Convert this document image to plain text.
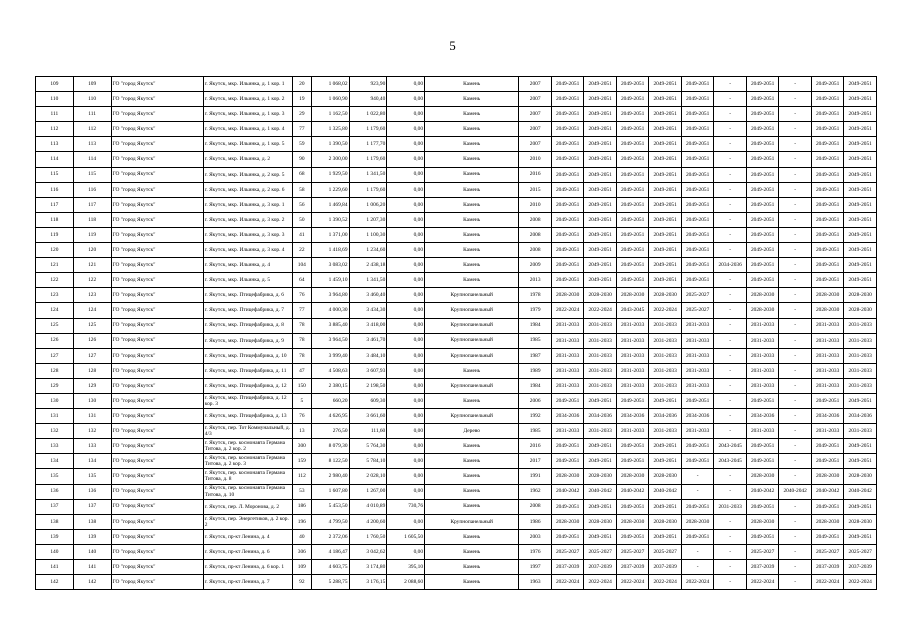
5
109	109	ГО "город Якутск"	г. Якутск, мкр. Ильинка, д. 1 кор. 1	20	1 068,02	923,90	0,00	Камень	2007	2049-2051	2049-2051	2049-2051	2049-2051	2049-2051	-	2049-2051	-	2049-2051	2049-2051
110	110	ГО "город Якутск"	г. Якутск, мкр. Ильинка, д. 1 кор. 2	19	1 060,90	940,40	0,00	Камень	2007	2049-2051	2049-2051	2049-2051	2049-2051	2049-2051	-	2049-2051	-	2049-2051	2049-2051
111	111	ГО "город Якутск"	г. Якутск, мкр. Ильинка, д. 1 кор. 3	29	1 162,50	1 022,80	0,00	Камень	2007	2049-2051	2049-2051	2049-2051	2049-2051	2049-2051	-	2049-2051	-	2049-2051	2049-2051
112	112	ГО "город Якутск"	г. Якутск, мкр. Ильинка, д. 1 кор. 4	77	1 325,80	1 179,60	0,00	Камень	2007	2049-2051	2049-2051	2049-2051	2049-2051	2049-2051	-	2049-2051	-	2049-2051	2049-2051
113	113	ГО "город Якутск"	г. Якутск, мкр. Ильинка, д. 1 кор. 5	59	1 390,50	1 177,70	0,00	Камень	2007	2049-2051	2049-2051	2049-2051	2049-2051	2049-2051	-	2049-2051	-	2049-2051	2049-2051
114	114	ГО "город Якутск"	г. Якутск, мкр. Ильинка, д. 2	90	2 300,00	1 179,60	0,00	Камень	2010	2049-2051	2049-2051	2049-2051	2049-2051	2049-2051	-	2049-2051	-	2049-2051	2049-2051
115	115	ГО "город Якутск"	г. Якутск, мкр. Ильинка, д. 2 кор. 5	68	1 929,50	1 341,50	0,00	Камень	2016	2049-2051	2049-2051	2049-2051	2049-2051	2049-2051	-	2049-2051	-	2049-2051	2049-2051
116	116	ГО "город Якутск"	г. Якутск, мкр. Ильинка, д. 2 кор. 6	58	1 229,60	1 179,60	0,00	Камень	2015	2049-2051	2049-2051	2049-2051	2049-2051	2049-2051	-	2049-2051	-	2049-2051	2049-2051
117	117	ГО "город Якутск"	г. Якутск, мкр. Ильинка, д. 3 кор. 1	56	1 469,84	1 006,20	0,00	Камень	2010	2049-2051	2049-2051	2049-2051	2049-2051	2049-2051	-	2049-2051	-	2049-2051	2049-2051
118	118	ГО "город Якутск"	г. Якутск, мкр. Ильинка, д. 3 кор. 2	50	1 390,52	1 207,30	0,00	Камень	2008	2049-2051	2049-2051	2049-2051	2049-2051	2049-2051	-	2049-2051	-	2049-2051	2049-2051
119	119	ГО "город Якутск"	г. Якутск, мкр. Ильинка, д. 3 кор. 3	41	1 371,00	1 100,30	0,00	Камень	2008	2049-2051	2049-2051	2049-2051	2049-2051	2049-2051	-	2049-2051	-	2049-2051	2049-2051
120	120	ГО "город Якутск"	г. Якутск, мкр. Ильинка, д. 3 кор. 4	22	1 418,69	1 234,60	0,00	Камень	2008	2049-2051	2049-2051	2049-2051	2049-2051	2049-2051	-	2049-2051	-	2049-2051	2049-2051
121	121	ГО "город Якутск"	г. Якутск, мкр. Ильинка, д. 4	104	3 083,02	2 438,18	0,00	Камень	2009	2049-2051	2049-2051	2049-2051	2049-2051	2049-2051	2034-2036	2049-2051	-	2049-2051	2049-2051
122	122	ГО "город Якутск"	г. Якутск, мкр. Ильинка, д. 5	64	1 459,10	1 341,50	0,00	Камень	2013	2049-2051	2049-2051	2049-2051	2049-2051	2049-2051	-	2049-2051	-	2049-2051	2049-2051
123	123	ГО "город Якутск"	г. Якутск, мкр. Птицефабрика, д. 6	76	3 964,80	3 460,40	0,00	Крупнопанельный	1978	2028-2030	2028-2030	2028-2030	2028-2030	2025-2027	-	2028-2030	-	2028-2030	2028-2030
124	124	ГО "город Якутск"	г. Якутск, мкр. Птицефабрика, д. 7	77	4 000,30	3 434,30	0,00	Крупнопанельный	1979	2022-2024	2022-2024	2043-2045	2022-2024	2025-2027	-	2028-2030	-	2028-2030	2028-2030
125	125	ГО "город Якутск"	г. Якутск, мкр. Птицефабрика, д. 8	78	3 885,40	3 418,00	0,00	Крупнопанельный	1984	2031-2033	2031-2033	2031-2033	2031-2033	2031-2033	-	2031-2033	-	2031-2033	2031-2033
126	126	ГО "город Якутск"	г. Якутск, мкр. Птицефабрика, д. 9	78	3 964,50	3 461,70	0,00	Крупнопанельный	1985	2031-2033	2031-2033	2031-2033	2031-2033	2031-2033	-	2031-2033	-	2031-2033	2031-2033
127	127	ГО "город Якутск"	г. Якутск, мкр. Птицефабрика, д. 10	78	3 999,40	3 484,10	0,00	Крупнопанельный	1987	2031-2033	2031-2033	2031-2033	2031-2033	2031-2033	-	2031-2033	-	2031-2033	2031-2033
128	128	ГО "город Якутск"	г. Якутск, мкр. Птицефабрика, д. 11	47	4 508,63	3 607,93	0,00	Камень	1989	2031-2033	2031-2033	2031-2033	2031-2033	2031-2033	-	2031-2033	-	2031-2033	2031-2033
129	129	ГО "город Якутск"	г. Якутск, мкр. Птицефабрика, д. 12	150	2 380,15	2 198,50	0,00	Крупнопанельный	1984	2031-2033	2031-2033	2031-2033	2031-2033	2031-2033	-	2031-2033	-	2031-2033	2031-2033
130	130	ГО "город Якутск"	г. Якутск, мкр. Птицефабрика, д. 12 кор. 3	5	660,20	609,30	0,00	Камень	2006	2049-2051	2049-2051	2049-2051	2049-2051	2049-2051	-	2049-2051	-	2049-2051	2049-2051
131	131	ГО "город Якутск"	г. Якутск, мкр. Птицефабрика, д. 13	76	4 626,95	3 661,60	0,00	Крупнопанельный	1992	2034-2036	2034-2036	2034-2036	2034-2036	2034-2036	-	2034-2036	-	2034-2036	2034-2036
132	132	ГО "город Якутск"	г. Якутск, пер. Тот Коммунальный, д. 4/3	13	276,50	111,60	0,00	Дерево	1985	2031-2033	2031-2033	2031-2033	2031-2033	2031-2033	-	2031-2033	-	2031-2033	2031-2033
133	133	ГО "город Якутск"	г. Якутск, пер. космонавта Германа Титова, д. 2 кор. 2	300	8 079,30	5 764,30	0,00	Камень	2016	2049-2051	2049-2051	2049-2051	2049-2051	2049-2051	2043-2045	2049-2051	-	2049-2051	2049-2051
134	134	ГО "город Якутск"	г. Якутск, пер. космонавта Германа Титова, д. 2 кор. 3	159	8 122,50	5 784,10	0,00	Камень	2017	2049-2051	2049-2051	2049-2051	2049-2051	2049-2051	2043-2045	2049-2051	-	2049-2051	2049-2051
135	135	ГО "город Якутск"	г. Якутск, пер. космонавта Германа Титова, д. 8	112	2 980,40	2 028,10	0,00	Камень	1991	2028-2030	2028-2030	2028-2030	2028-2030	-	-	2028-2030	-	2028-2030	2028-2030
136	136	ГО "город Якутск"	г. Якутск, пер. космонавта Германа Титова, д. 10	53	1 607,80	1 267,00	0,00	Камень	1962	2040-2042	2040-2042	2040-2042	2040-2042	-	-	2040-2042	2040-2042	2040-2042	2040-2042
137	137	ГО "город Якутск"	г. Якутск, пер. Л. Моронова, д. 2	186	5 453,50	4 010,89	730,76	Камень	2008	2049-2051	2049-2051	2049-2051	2049-2051	2049-2051	2031-2033	2049-2051	-	2049-2051	2049-2051
138	138	ГО "город Якутск"	г. Якутск, пер. Энергетиков, д. 2 кор. 2	196	4 799,50	4 200,60	0,00	Крупнопанельный	1986	2028-2030	2028-2030	2028-2030	2028-2030	2028-2030	-	2028-2030	-	2028-2030	2028-2030
139	139	ГО "город Якутск"	г. Якутск, пр-кт Ленина, д. 4	40	2 372,06	1 760,50	1 605,50	Камень	2003	2049-2051	2049-2051	2049-2051	2049-2051	2049-2051	-	2049-2051	-	2049-2051	2049-2051
140	140	ГО "город Якутск"	г. Якутск, пр-кт Ленина, д. 6	306	4 186,47	3 042,62	0,00	Камень	1976	2025-2027	2025-2027	2025-2027	2025-2027	-	-	2025-2027	-	2025-2027	2025-2027
141	141	ГО "город Якутск"	г. Якутск, пр-кт Ленина, д. 6 кор. 1	109	4 603,75	3 174,80	395,10	Камень	1997	2037-2039	2037-2039	2037-2039	2037-2039	-	-	2037-2039	-	2037-2039	2037-2039
142	142	ГО "город Якутск"	г. Якутск, пр-кт Ленина, д. 7	92	5 288,75	3 176,15	2 088,60	Камень	1963	2022-2024	2022-2024	2022-2024	2022-2024	2022-2024	-	2022-2024	-	2022-2024	2022-2024
